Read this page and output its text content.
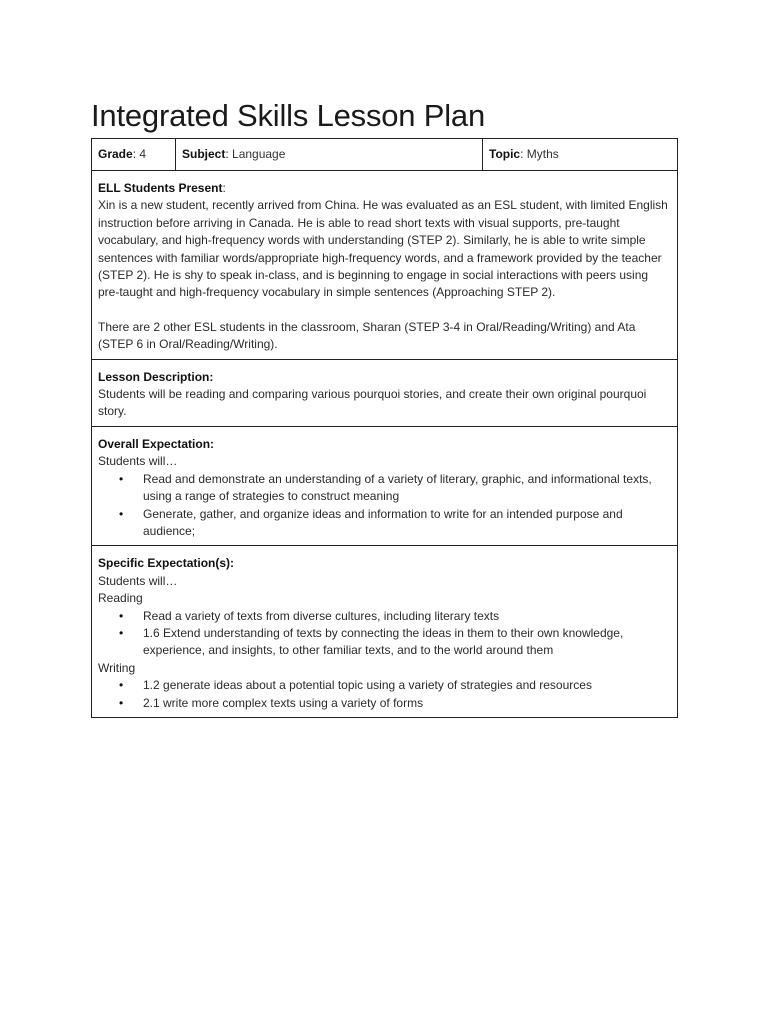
Integrated Skills Lesson Plan
Grade: 4	Subject: Language	Topic: Myths
ELL Students Present:

Xin is a new student, recently arrived from China. He was evaluated as an ESL student, with limited English instruction before arriving in Canada. He is able to read short texts with visual supports, pre-taught vocabulary, and high-frequency words with understanding (STEP 2). Similarly, he is able to write simple sentences with familiar words/appropriate high-frequency words, and a framework provided by the teacher (STEP 2). He is shy to speak in-class, and is beginning to engage in social interactions with peers using pre-taught and high-frequency vocabulary in simple sentences (Approaching STEP 2).

There are 2 other ESL students in the classroom, Sharan (STEP 3-4 in Oral/Reading/Writing) and Ata (STEP 6 in Oral/Reading/Writing).

Lesson Description:

Students will be reading and comparing various pourquoi stories, and create their own original pourquoi story.

Overall Expectation:

Students will…

• Read and demonstrate an understanding of a variety of literary, graphic, and informational texts, using a range of strategies to construct meaning
• Generate, gather, and organize ideas and information to write for an intended purpose and audience;
Specific Expectation(s):

Students will…

Reading

• Read a variety of texts from diverse cultures, including literary texts
• 1.6 Extend understanding of texts by connecting the ideas in them to their own knowledge, experience, and insights, to other familiar texts, and to the world around them

Writing

• 1.2 generate ideas about a potential topic using a variety of strategies and resources
• 2.1 write more complex texts using a variety of forms
